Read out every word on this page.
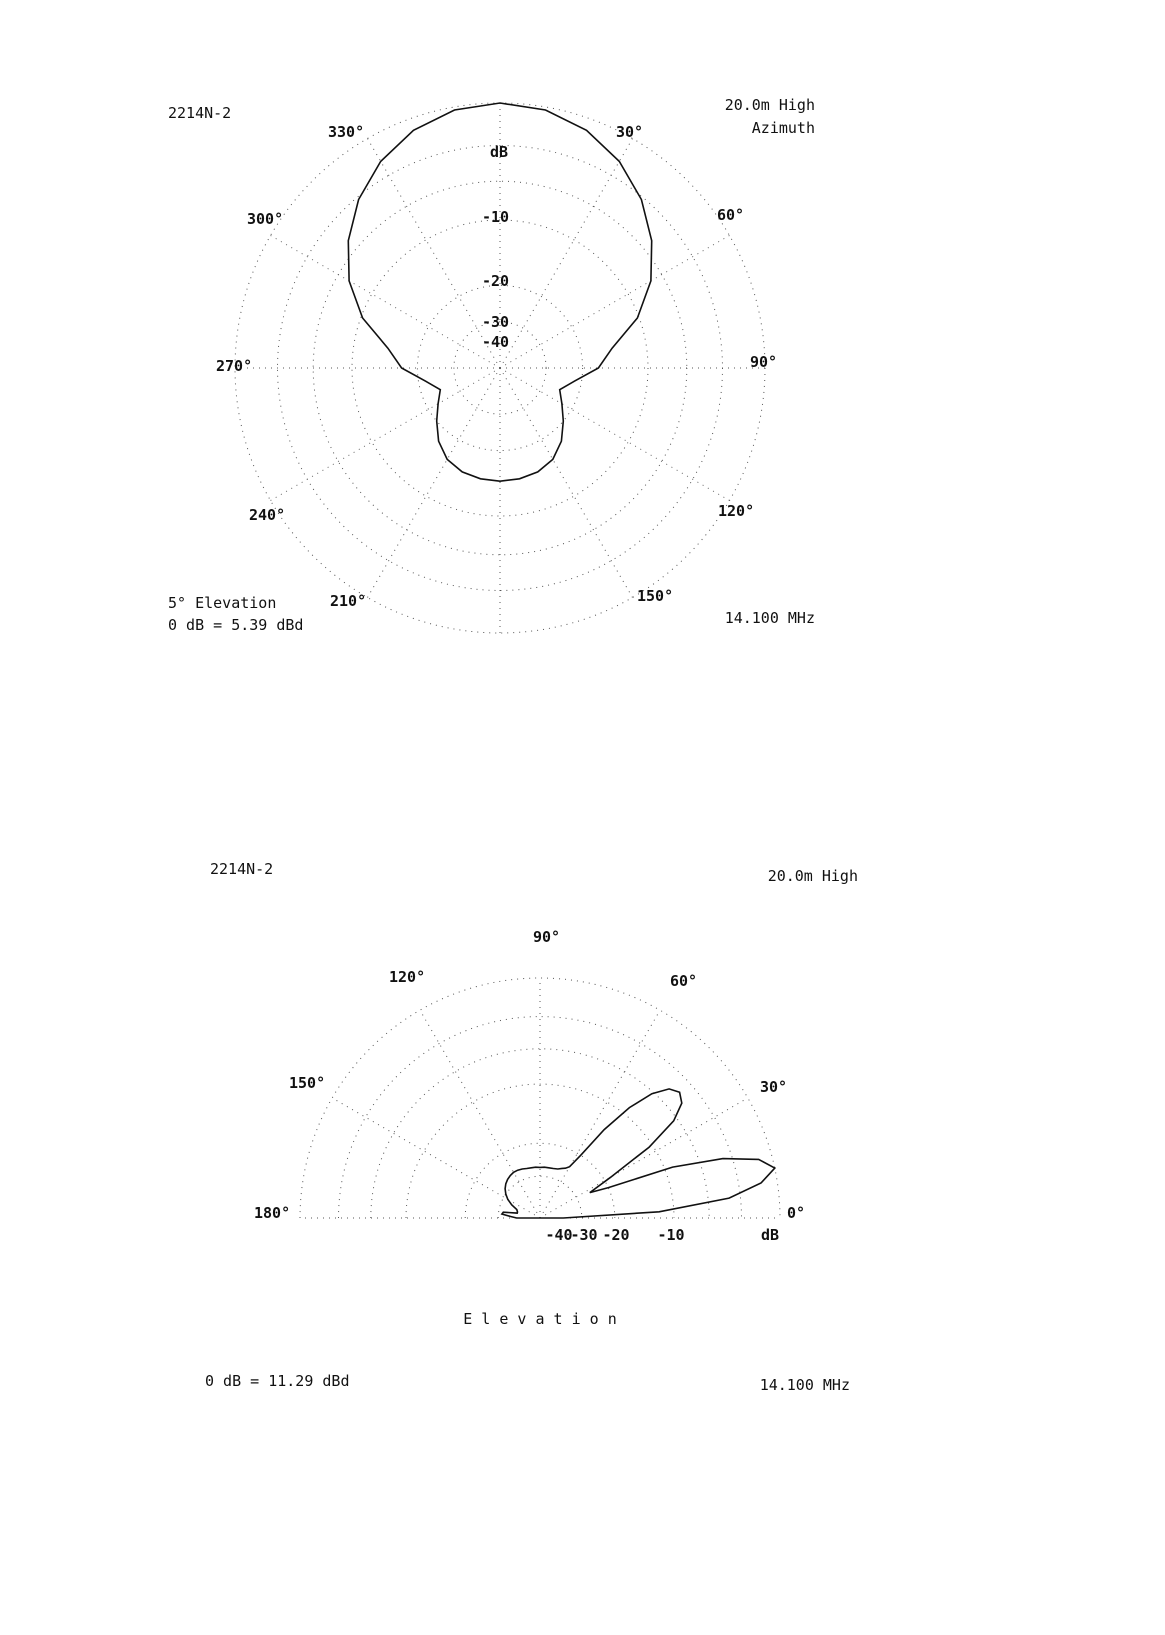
30°
60°
90°
120°
150°
210°
240°
270°
300°
330°
dB
-10
-20
-30
-40
2214N-2	20.0m High
Azimuth
5° Elevation
0 dB = 5.39 dBd	14.100 MHz
0°
30°
60°
90°
120°
150°
180°
-40
-30 -20 -10	dB
2214N-2	20.0m High
E l e v a t i o n
0 dB = 11.29 dBd	14.100 MHz
